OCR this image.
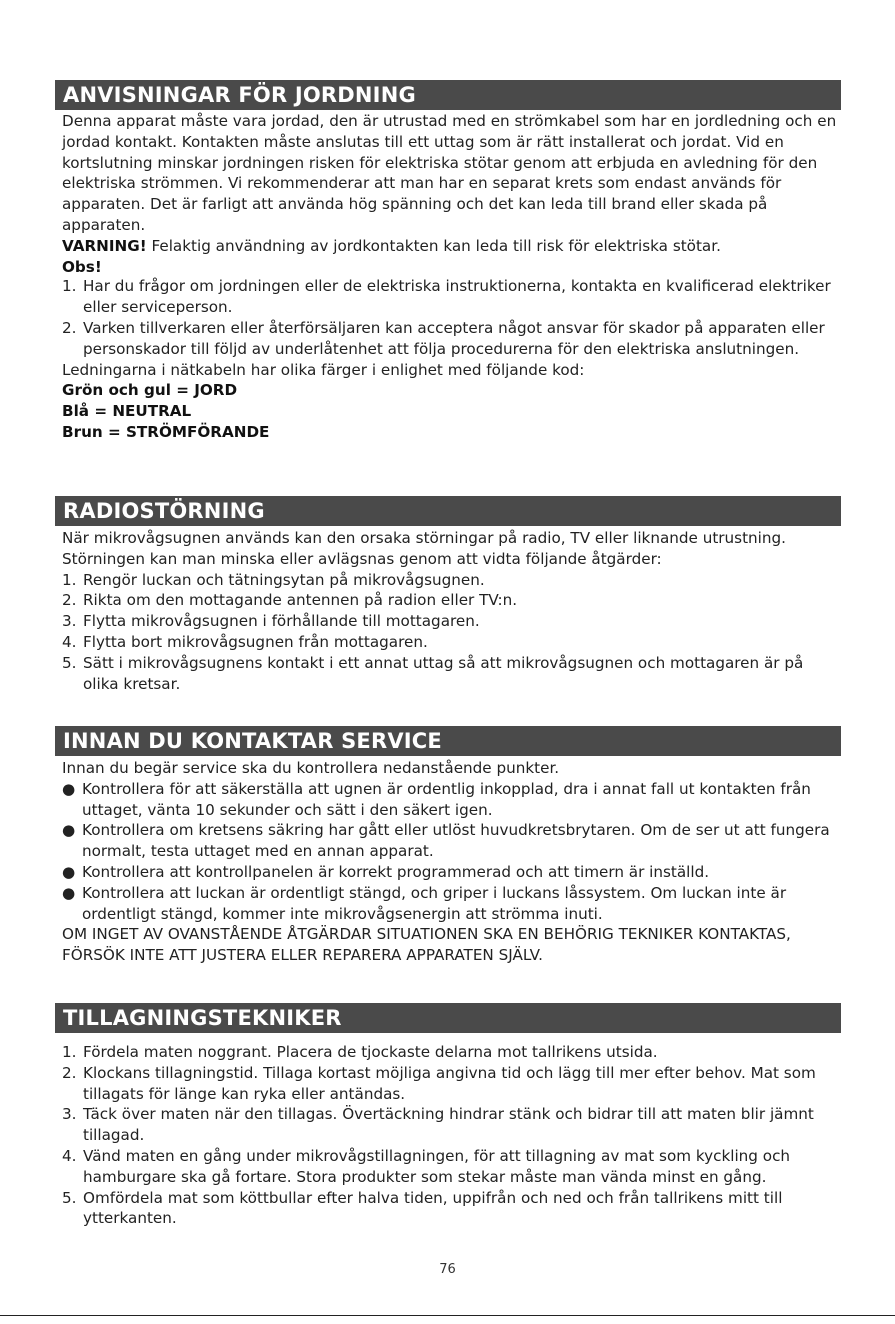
ANVISNINGAR FÖR JORDNING

Denna apparat måste vara jordad, den är utrustad med en strömkabel som har en jordledning och en jordad kontakt. Kontakten måste anslutas till ett uttag som är rätt installerat och jordat. Vid en kortslutning minskar jordningen risken för elektriska stötar genom att erbjuda en avledning för den elektriska strömmen. Vi rekommenderar att man har en separat krets som endast används för apparaten. Det är farligt att använda hög spänning och det kan leda till brand eller skada på apparaten.

VARNING! Felaktig användning av jordkontakten kan leda till risk för elektriska stötar.

Obs!

1. Har du frågor om jordningen eller de elektriska instruktionerna, kontakta en kvalificerad elektriker eller serviceperson.
2. Varken tillverkaren eller återförsäljaren kan acceptera något ansvar för skador på apparaten eller personskador till följd av underlåtenhet att följa procedurerna för den elektriska anslutningen.

Ledningarna i nätkabeln har olika färger i enlighet med följande kod:

Grön och gul = JORD

Blå = NEUTRAL

Brun = STRÖMFÖRANDE

RADIOSTÖRNING

När mikrovågsugnen används kan den orsaka störningar på radio, TV eller liknande utrustning. Störningen kan man minska eller avlägsnas genom att vidta följande åtgärder:

1. Rengör luckan och tätningsytan på mikrovågsugnen.
2. Rikta om den mottagande antennen på radion eller TV:n.
3. Flytta mikrovågsugnen i förhållande till mottagaren.
4. Flytta bort mikrovågsugnen från mottagaren.
5. Sätt i mikrovågsugnens kontakt i ett annat uttag så att mikrovågsugnen och mottagaren är på olika kretsar.
INNAN DU KONTAKTAR SERVICE

Innan du begär service ska du kontrollera nedanstående punkter.

● Kontrollera för att säkerställa att ugnen är ordentlig inkopplad, dra i annat fall ut kontakten från uttaget, vänta 10 sekunder och sätt i den säkert igen.
● Kontrollera om kretsens säkring har gått eller utlöst huvudkretsbrytaren. Om de ser ut att fungera normalt, testa uttaget med en annan apparat.
● Kontrollera att kontrollpanelen är korrekt programmerad och att timern är inställd.
● Kontrollera att luckan är ordentligt stängd, och griper i luckans låssystem. Om luckan inte är ordentligt stängd, kommer inte mikrovågsenergin att strömma inuti.

OM INGET AV OVANSTÅENDE ÅTGÄRDAR SITUATIONEN SKA EN BEHÖRIG TEKNIKER KONTAKTAS, FÖRSÖK INTE ATT JUSTERA ELLER REPARERA APPARATEN SJÄLV.

TILLAGNINGSTEKNIKER
1. Fördela maten noggrant. Placera de tjockaste delarna mot tallrikens utsida.
2. Klockans tillagningstid. Tillaga kortast möjliga angivna tid och lägg till mer efter behov. Mat som tillagats för länge kan ryka eller antändas.
3. Täck över maten när den tillagas. Övertäckning hindrar stänk och bidrar till att maten blir jämnt tillagad.
4. Vänd maten en gång under mikrovågstillagningen, för att tillagning av mat som kyckling och hamburgare ska gå fortare. Stora produkter som stekar måste man vända minst en gång.
5. Omfördela mat som köttbullar efter halva tiden, uppifrån och ned och från tallrikens mitt till ytterkanten.
76
